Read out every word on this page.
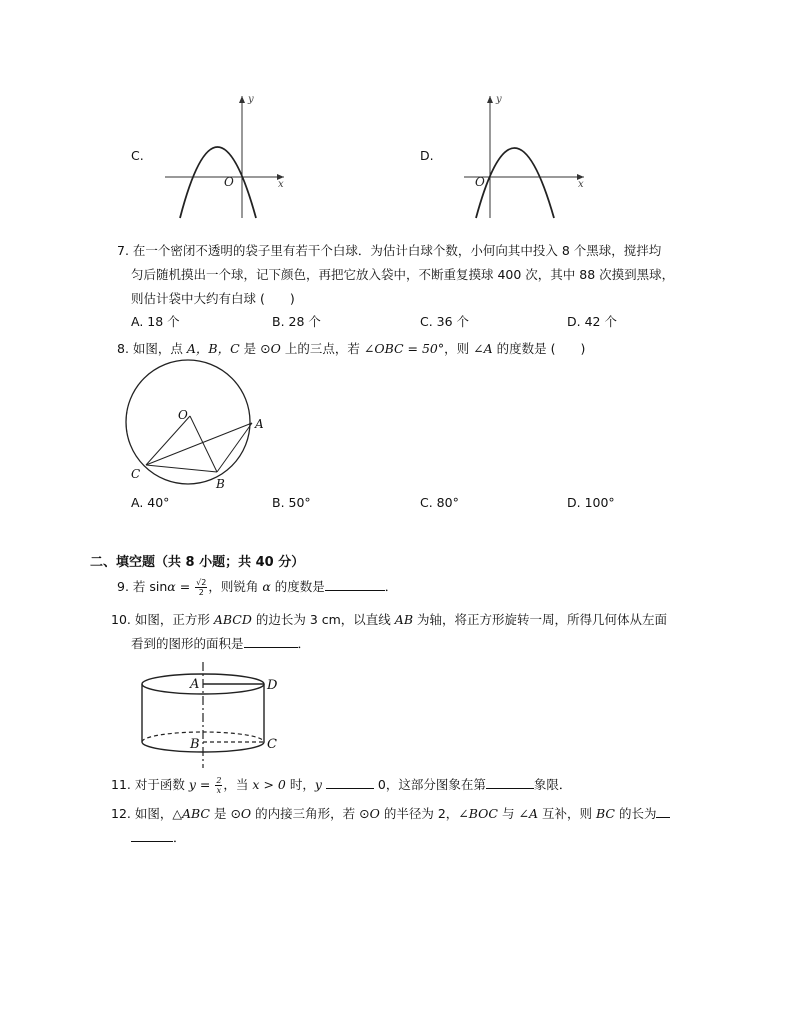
C.
y
x
O
D.
y
x
O
7. 在一个密闭不透明的袋子里有若干个白球．为估计白球个数，小何向其中投入 8 个黑球，搅拌均
匀后随机摸出一个球，记下颜色，再把它放入袋中，不断重复摸球 400 次，其中 88 次摸到黑球，
则估计袋中大约有白球 (　　)
A. 18 个	B. 28 个	C. 36 个	D. 42 个
8. 如图，点 A，B，C 是 ⊙O 上的三点，若 ∠OBC = 50°，则 ∠A 的度数是 (　　)
O
A
B
C
A. 40°	B. 50°	C. 80°	D. 100°
二、填空题（共 8 小题；共 40 分）
9. 若 $\sin\alpha = \frac{√2}{2}$ ，则锐角 α 的度数是	．
10. 如图，正方形 ABCD 的边长为 3 cm，以直线 AB 为轴，将正方形旋转一周，所得几何体从左面
看到的图形的面积是	．
A	D
B	C
11. 对于函数 $y = \frac{2}{x}$ ，当 x > 0 时，y	0，这部分图象在第	象限．
12. 如图，△ABC 是 ⊙O 的内接三角形，若 ⊙O 的半径为 2，∠BOC 与 ∠A 互补，则 BC 的长为
．
